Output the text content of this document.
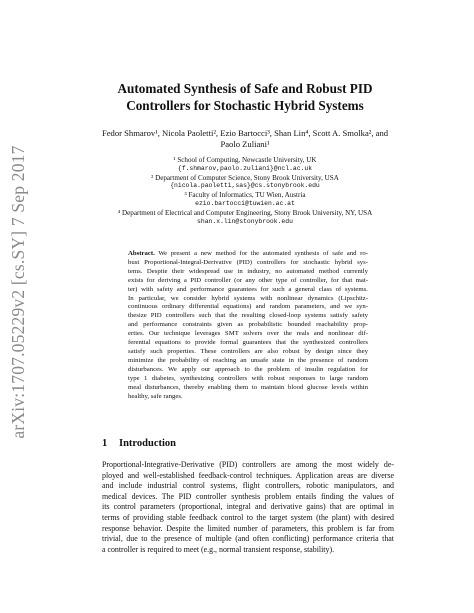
arXiv:1707.05229v2 [cs.SY] 7 Sep 2017
Automated Synthesis of Safe and Robust PID
Controllers for Stochastic Hybrid Systems
Fedor Shmarov¹, Nicola Paoletti², Ezio Bartocci³, Shan Lin⁴, Scott A. Smolka², and
Paolo Zuliani¹
¹ School of Computing, Newcastle University, UK
{f.shmarov,paolo.zuliani}@ncl.ac.uk
² Department of Computer Science, Stony Brook University, USA
{nicola.paoletti,sas}@cs.stonybrook.edu
³ Faculty of Informatics, TU Wien, Austria
ezio.bartocci@tuwien.ac.at
⁴ Department of Electrical and Computer Engineering, Stony Brook University, NY, USA
shan.x.lin@stonybrook.edu
Abstract. We present a new method for the automated synthesis of safe and ro-
bust Proportional-Integral-Derivative (PID) controllers for stochastic hybrid sys-
tems. Despite their widespread use in industry, no automated method currently
exists for deriving a PID controller (or any other type of controller, for that mat-
ter) with safety and performance guarantees for such a general class of systems.
In particular, we consider hybrid systems with nonlinear dynamics (Lipschitz-
continuous ordinary differential equations) and random parameters, and we syn-
thesize PID controllers such that the resulting closed-loop systems satisfy safety
and performance constraints given as probabilistic bounded reachability prop-
erties. Our technique leverages SMT solvers over the reals and nonlinear dif-
ferential equations to provide formal guarantees that the synthesized controllers
satisfy such properties. These controllers are also robust by design since they
minimize the probability of reaching an unsafe state in the presence of random
disturbances. We apply our approach to the problem of insulin regulation for
type 1 diabetes, synthesizing controllers with robust responses to large random
meal disturbances, thereby enabling them to maintain blood glucose levels within
healthy, safe ranges.
1 Introduction
Proportional-Integrative-Derivative (PID) controllers are among the most widely de-
ployed and well-established feedback-control techniques. Application areas are diverse
and include industrial control systems, flight controllers, robotic manipulators, and
medical devices. The PID controller synthesis problem entails finding the values of
its control parameters (proportional, integral and derivative gains) that are optimal in
terms of providing stable feedback control to the target system (the plant) with desired
response behavior. Despite the limited number of parameters, this problem is far from
trivial, due to the presence of multiple (and often conflicting) performance criteria that
a controller is required to meet (e.g., normal transient response, stability).
